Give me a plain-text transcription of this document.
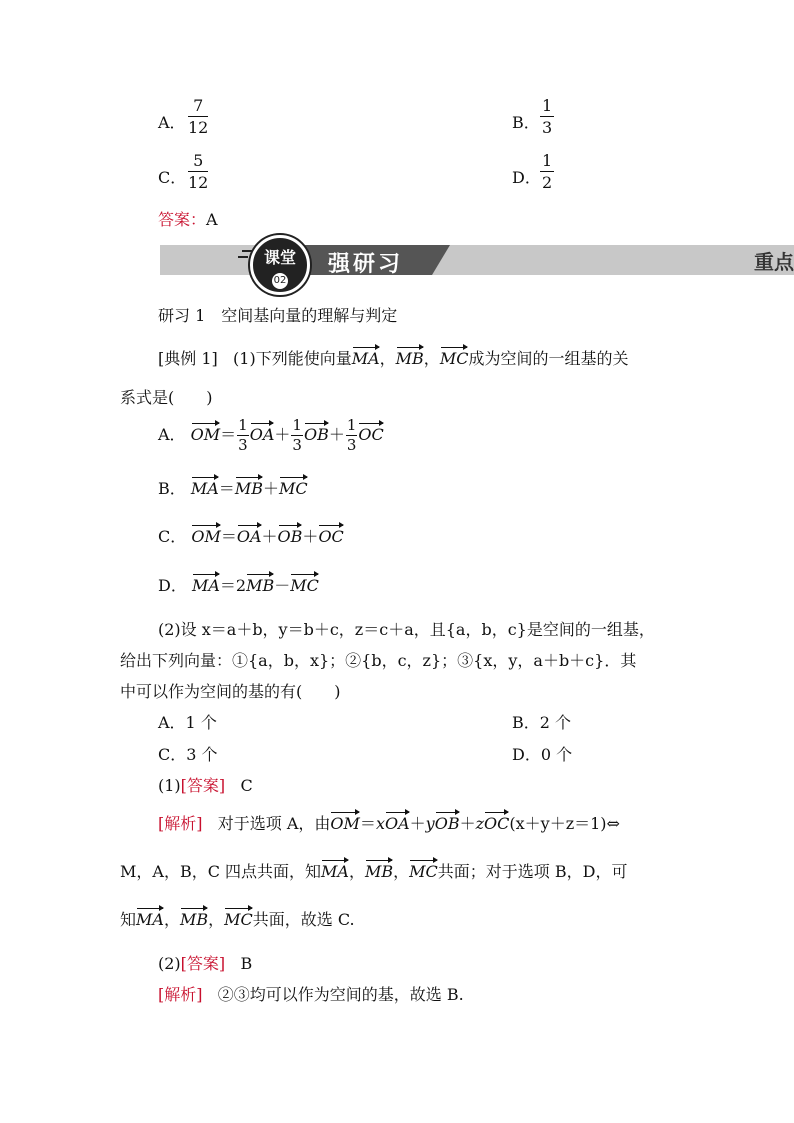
A． $\frac{7}{12}$	B． $\frac{1}{3}$
C． $\frac{5}{12}$	D． $\frac{1}{2}$
答案：A
课堂
02
强研习	重点
研习 1　空间基向量的理解与判定
[典例 1] (1)下列能使向量MA，MB，MC成为空间的一组基的关
系式是(　　)
A． $OM= \frac{1}{3} OA+ \frac{1}{3} OB+ \frac{1}{3}$ OC
B． MA＝MB＋MC
C． OM＝OA＋OB＋OC
D． MA＝2MB－MC
(2)设 x＝a＋b，y＝b＋c，z＝c＋a，且{a，b，c}是空间的一组基，
给出下列向量：①{a，b，x}；②{b，c，z}；③{x，y，a＋b＋c}．其
中可以作为空间的基的有(　　)
A．1 个	B．2 个
C．3 个	D．0 个
(1)[答案] C
[解析] 对于选项 A，由OM＝xOA＋yOB＋zOC(x＋y＋z＝1)⇔
M，A，B，C 四点共面，知MA，MB，MC共面；对于选项 B，D，可
知MA，MB，MC共面，故选 C.
(2)[答案] B
[解析] ②③均可以作为空间的基，故选 B.
